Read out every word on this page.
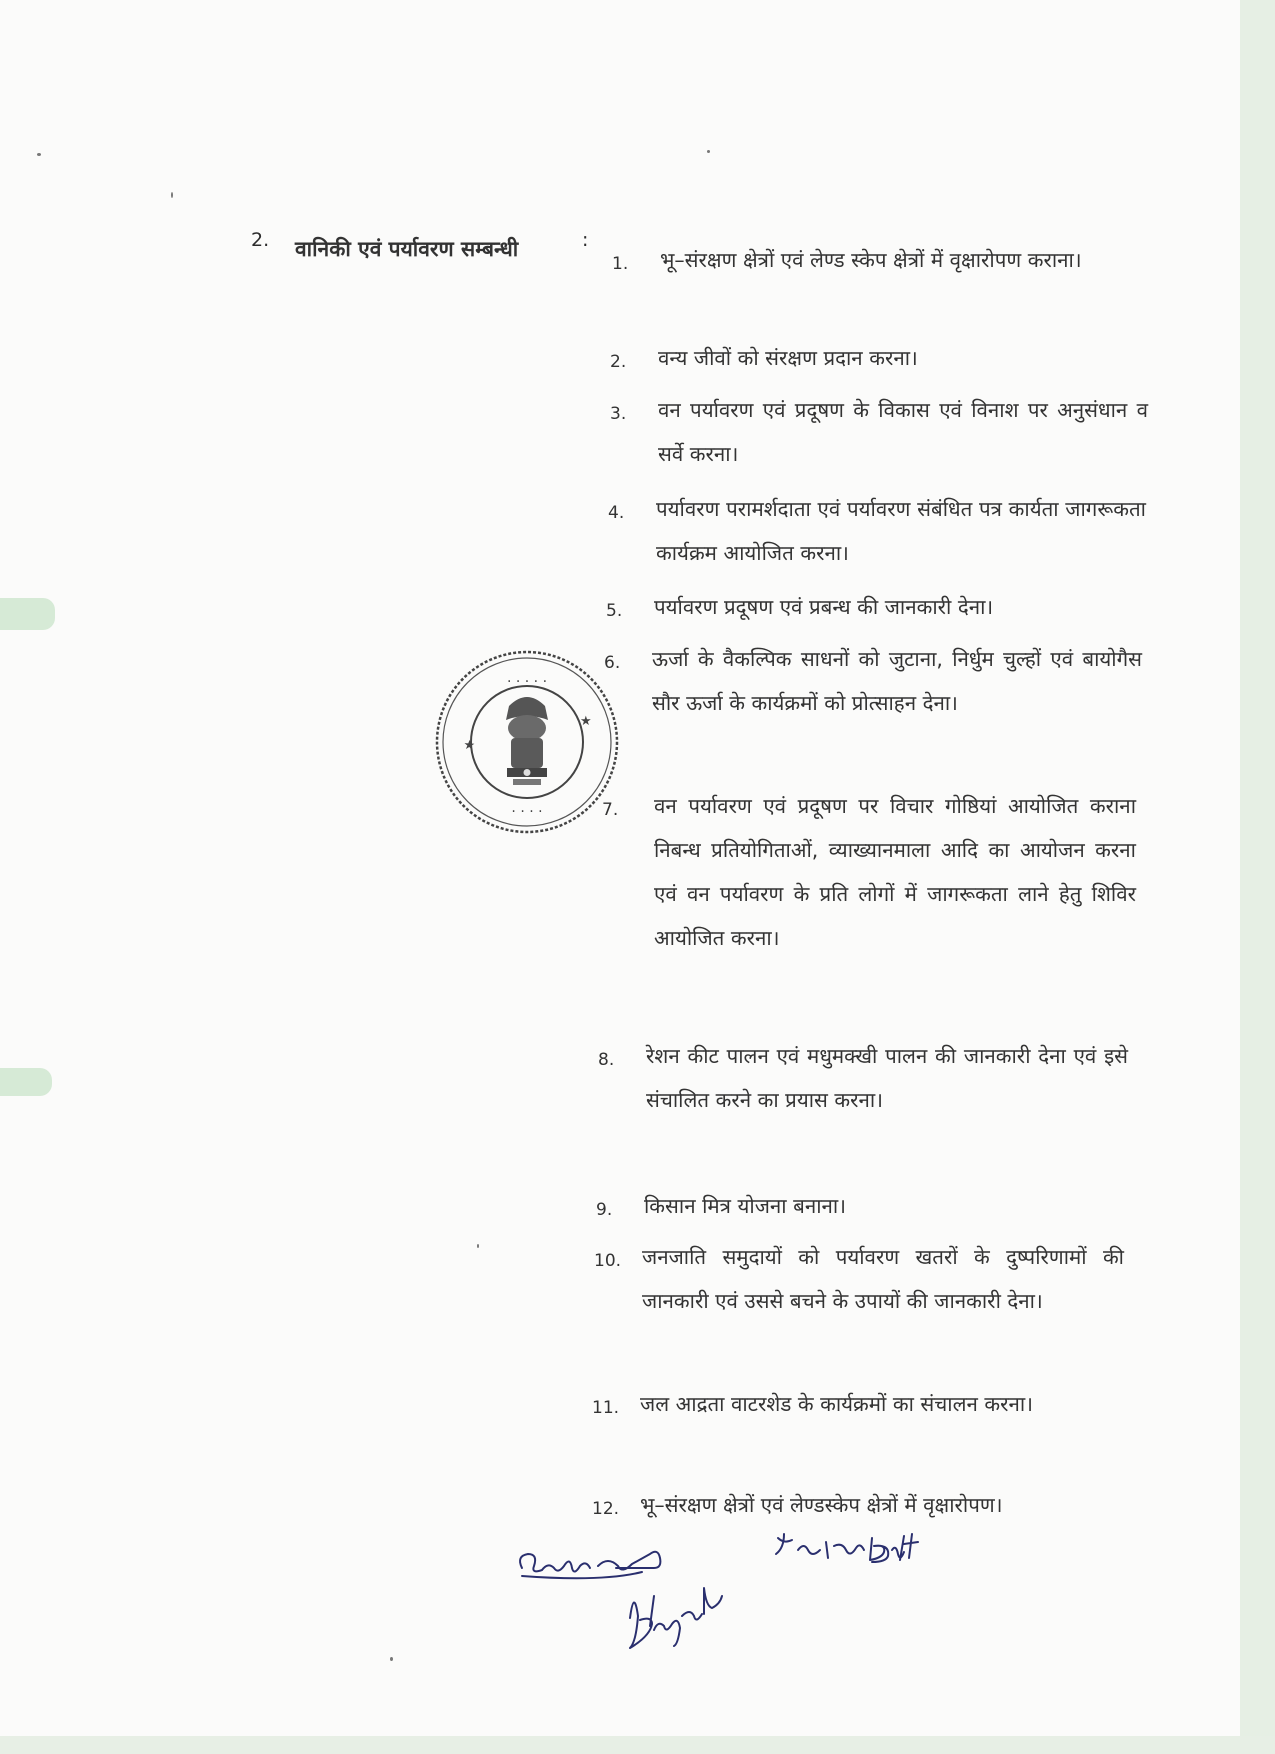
2. वानिकी एवं पर्यावरण सम्बन्धी	:
1.	भू–संरक्षण क्षेत्रों एवं लेण्ड स्केप क्षेत्रों में वृक्षारोपण कराना।
2.	वन्य जीवों को संरक्षण प्रदान करना।
3.	वन पर्यावरण एवं प्रदूषण के विकास एवं विनाश पर अनुसंधान व सर्वे करना।
4.	पर्यावरण परामर्शदाता एवं पर्यावरण संबंधित पत्र कार्यता जागरूकता कार्यक्रम आयोजित करना।
5.	पर्यावरण प्रदूषण एवं प्रबन्ध की जानकारी देना।
6.	ऊर्जा के वैकल्पिक साधनों को जुटाना, निर्धुम चुल्हों एवं बायोगैस सौर ऊर्जा के कार्यक्रमों को प्रोत्साहन देना।
7.	वन पर्यावरण एवं प्रदूषण पर विचार गोष्ठियां आयोजित कराना निबन्ध प्रतियोगिताओं, व्याख्यानमाला आदि का आयोजन करना एवं वन पर्यावरण के प्रति लोगों में जागरूकता लाने हेतु शिविर आयोजित करना।
8.	रेशन कीट पालन एवं मधुमक्खी पालन की जानकारी देना एवं इसे संचालित करने का प्रयास करना।
9.	किसान मित्र योजना बनाना।
10.	जनजाति समुदायों को पर्यावरण खतरों के दुष्परिणामों की जानकारी एवं उससे बचने के उपायों की जानकारी देना।
11.	जल आद्रता वाटरशेड के कार्यक्रमों का संचालन करना।
12.	भू–संरक्षण क्षेत्रों एवं लेण्डस्केप क्षेत्रों में वृक्षारोपण।
★
★
· · · · ·
· · · ·
